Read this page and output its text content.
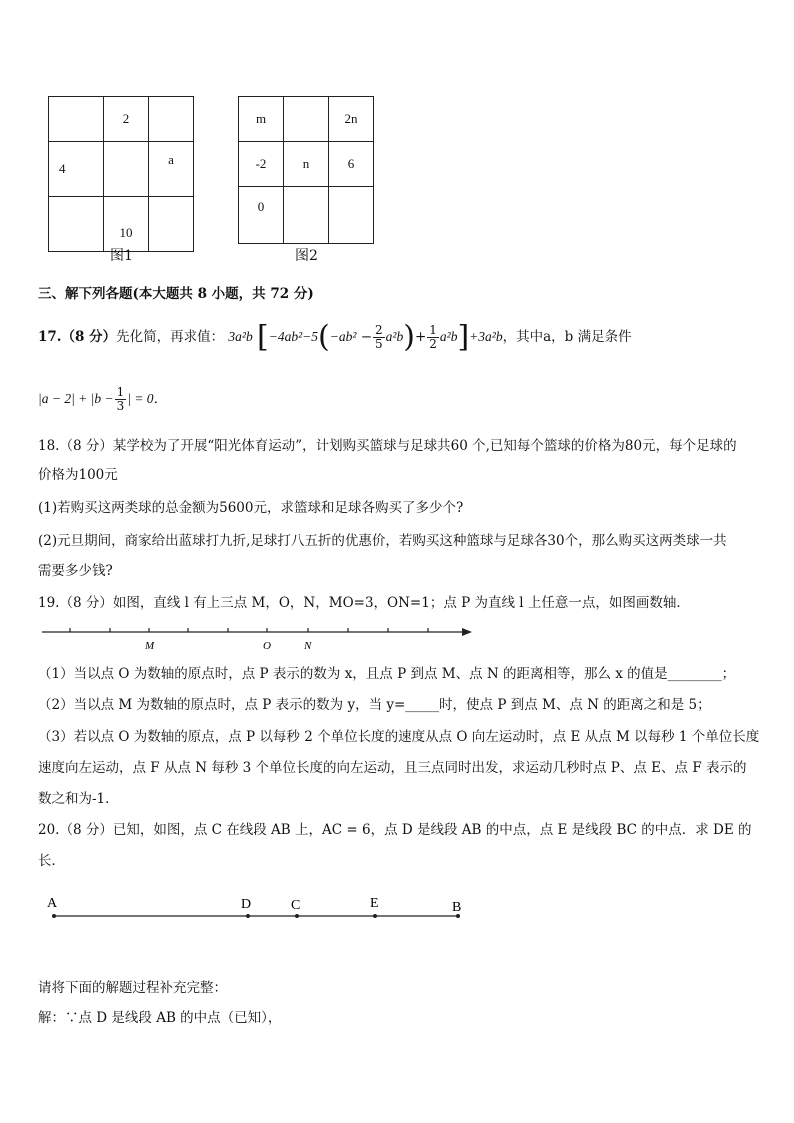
	2	
4		a
	10	
图1
m		2n
-2	n	6
0		
图2
三、解下列各题(本大题共 8 小题，共 72 分)
17.（8 分）先化简，再求值： 3a²b $[-4ab^2-5(-ab^2 - \frac{2}{5} a^2b)+ \frac{1}{2} a^2b]+3a^2b$，其中a，b 满足条件
$|a - 2| + |b - \frac{1}{3}$ | = 0．
18.（8 分）某学校为了开展“阳光体育运动”，计划购买篮球与足球共60 个,已知每个篮球的价格为80元，每个足球的
价格为100元
(1)若购买这两类球的总金额为5600元，求篮球和足球各购买了多少个?
(2)元旦期间，商家给出蓝球打九折,足球打八五折的优惠价，若购买这种篮球与足球各30个，那么购买这两类球一共
需要多少钱?
19.（8 分）如图，直线 l 有上三点 M，O，N，MO=3，ON=1；点 P 为直线 l 上任意一点，如图画数轴．
M	O	N
（1）当以点 O 为数轴的原点时，点 P 表示的数为 x，且点 P 到点 M、点 N 的距离相等，那么 x 的值是________；
（2）当以点 M 为数轴的原点时，点 P 表示的数为 y，当 y=_____时，使点 P 到点 M、点 N 的距离之和是 5；
（3）若以点 O 为数轴的原点，点 P 以每秒 2 个单位长度的速度从点 O 向左运动时，点 E 从点 M 以每秒 1 个单位长度
速度向左运动，点 F 从点 N 每秒 3 个单位长度的向左运动，且三点同时出发，求运动几秒时点 P、点 E、点 F 表示的
数之和为-1．
20.（8 分）已知，如图，点 C 在线段 AB 上，AC = 6，点 D 是线段 AB 的中点，点 E 是线段 BC 的中点．求 DE 的
长．
A	D	C	E	B
请将下面的解题过程补充完整：
解：∵点 D 是线段 AB 的中点（已知），
